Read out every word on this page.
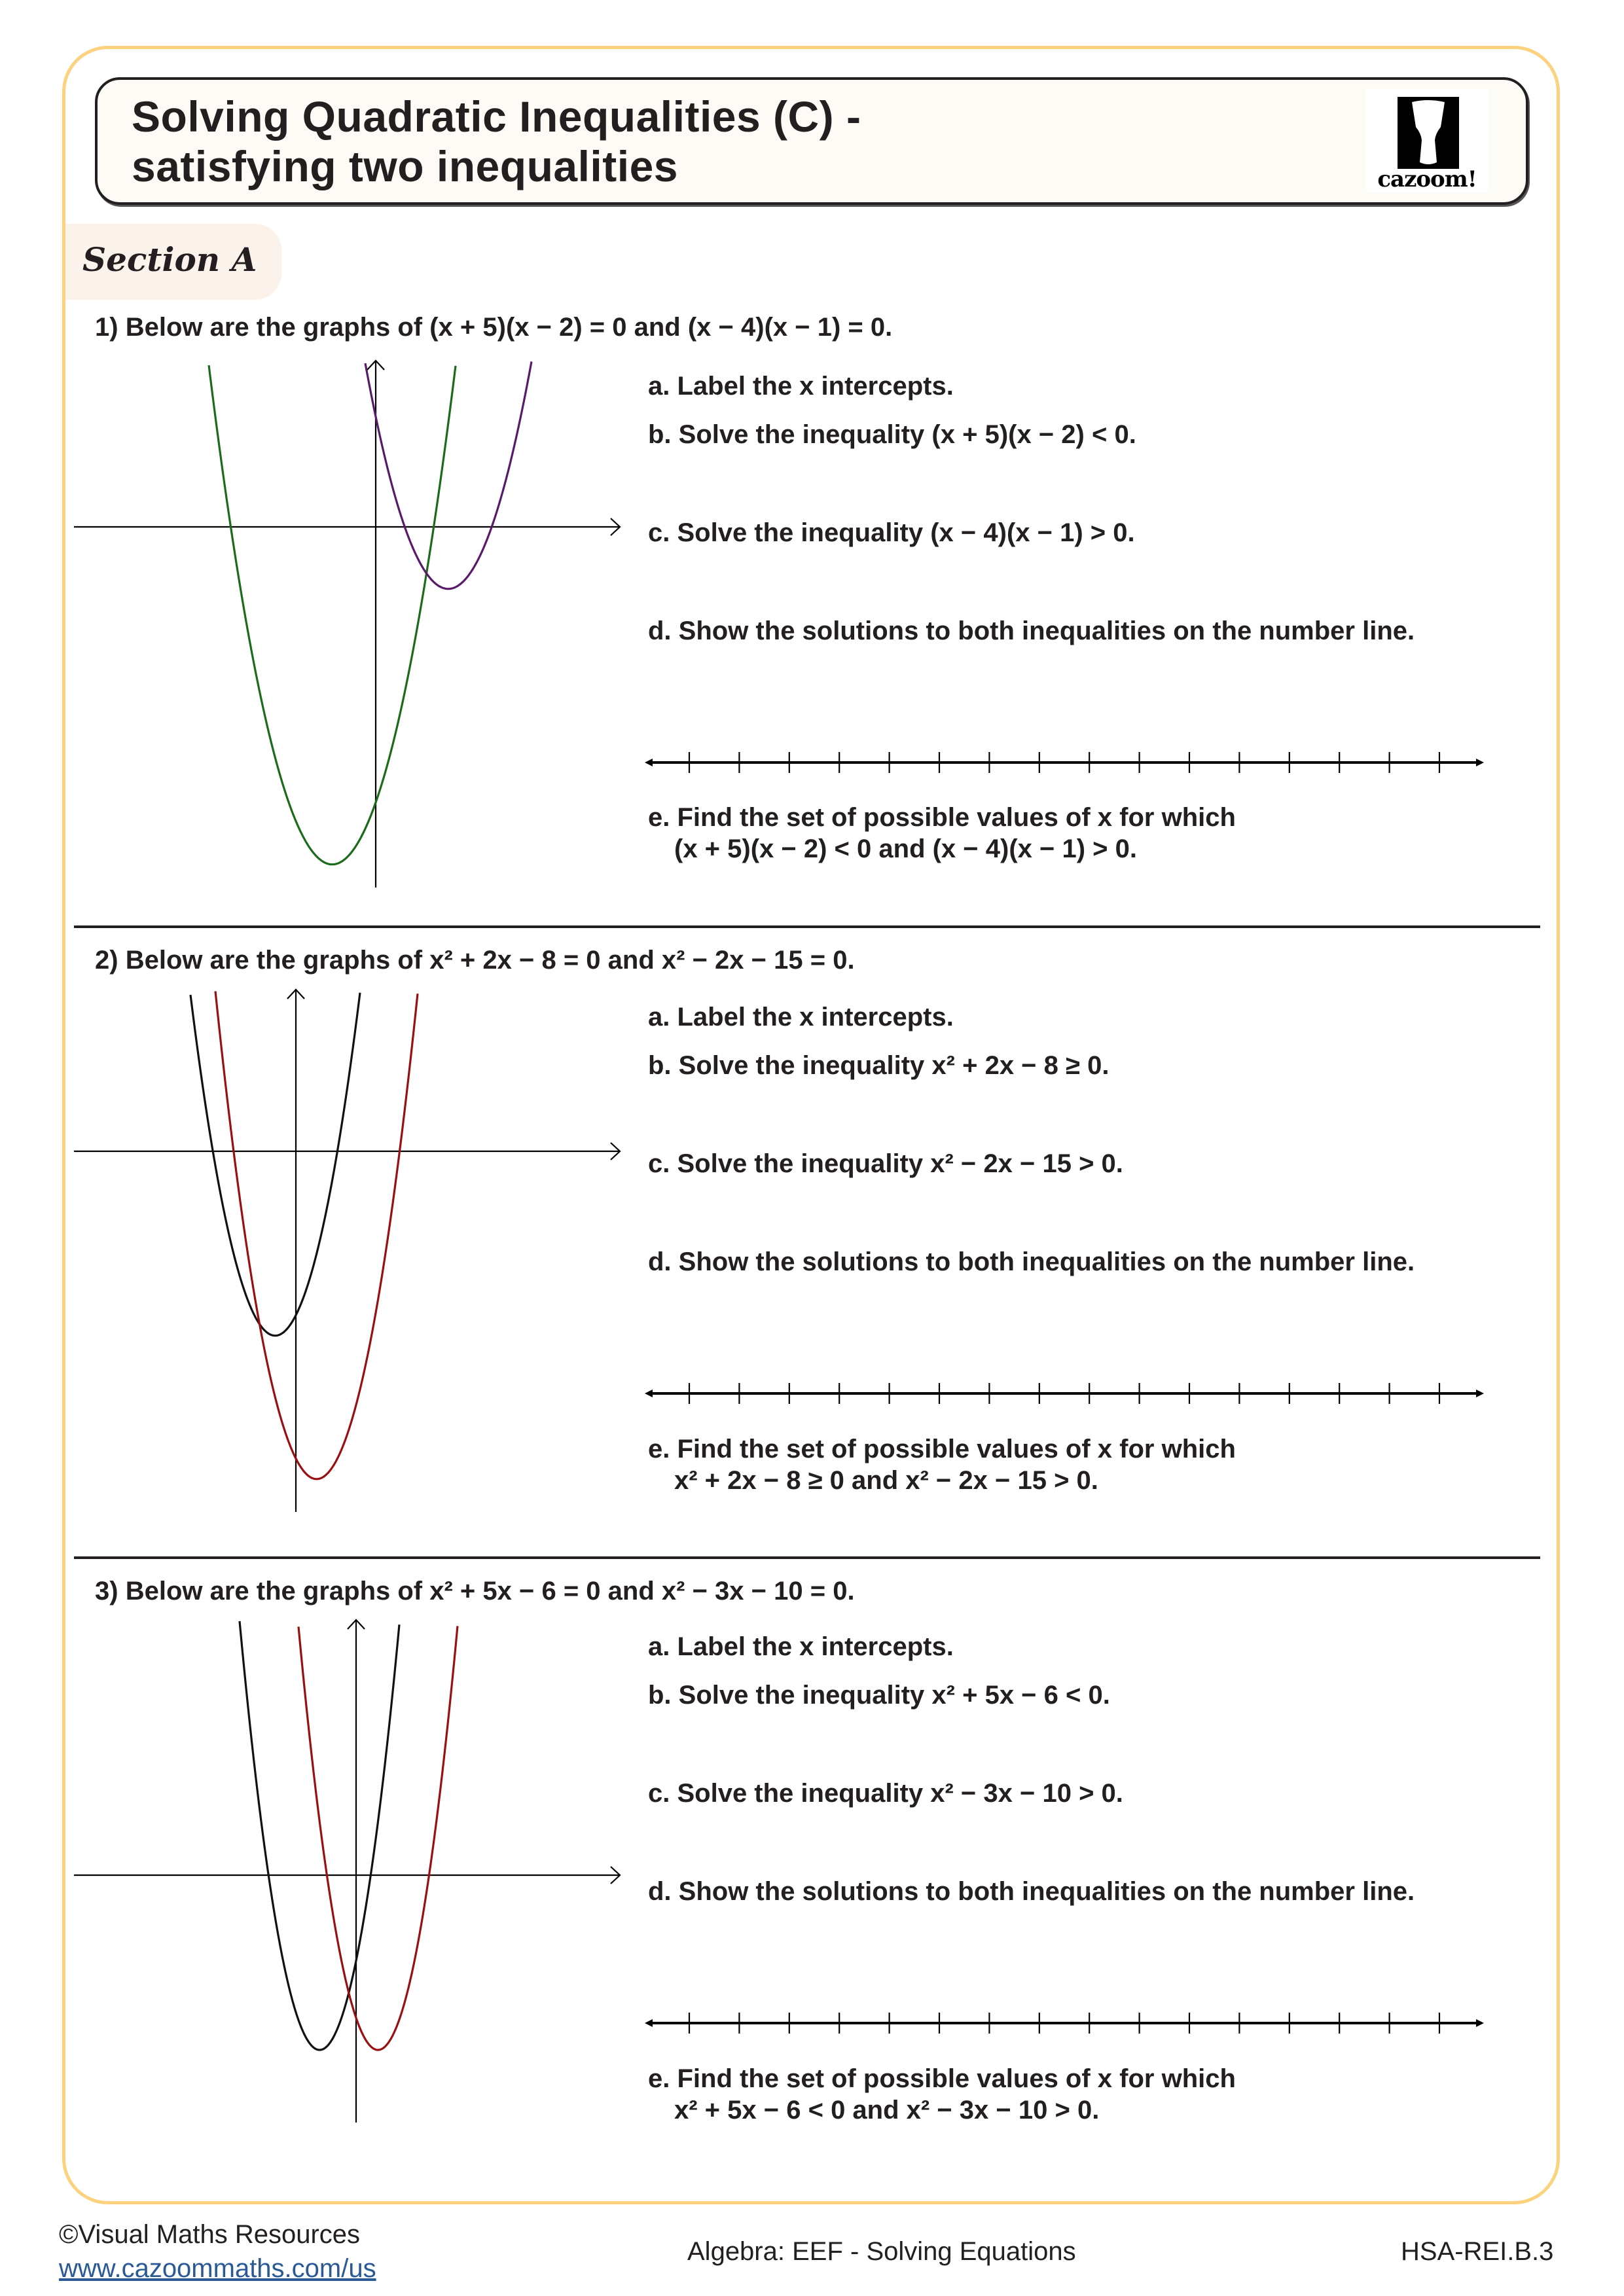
Solving Quadratic Inequalities (C) -
satisfying two inequalities	cazoom!
Section A
1) Below are the graphs of (x + 5)(x − 2) = 0 and (x − 4)(x − 1) = 0.
a. Label the x intercepts.
b. Solve the inequality (x + 5)(x − 2) < 0.
c. Solve the inequality (x − 4)(x − 1) > 0.
d. Show the solutions to both inequalities on the number line.
e. Find the set of possible values of x for which
(x + 5)(x − 2) < 0 and (x − 4)(x − 1) > 0.
2) Below are the graphs of x² + 2x − 8 = 0 and x² − 2x − 15 = 0.
a. Label the x intercepts.
b. Solve the inequality x² + 2x − 8 ≥ 0.
c. Solve the inequality x² − 2x − 15 > 0.
d. Show the solutions to both inequalities on the number line.
e. Find the set of possible values of x for which
x² + 2x − 8 ≥ 0 and x² − 2x − 15 > 0.
3) Below are the graphs of x² + 5x − 6 = 0 and x² − 3x − 10 = 0.
a. Label the x intercepts.
b. Solve the inequality x² + 5x − 6 < 0.
c. Solve the inequality x² − 3x − 10 > 0.
d. Show the solutions to both inequalities on the number line.
e. Find the set of possible values of x for which
x² + 5x − 6 < 0 and x² − 3x − 10 > 0.
©Visual Maths Resources
www.cazoommaths.com/us
Algebra: EEF - Solving Equations	HSA-REI.B.3
